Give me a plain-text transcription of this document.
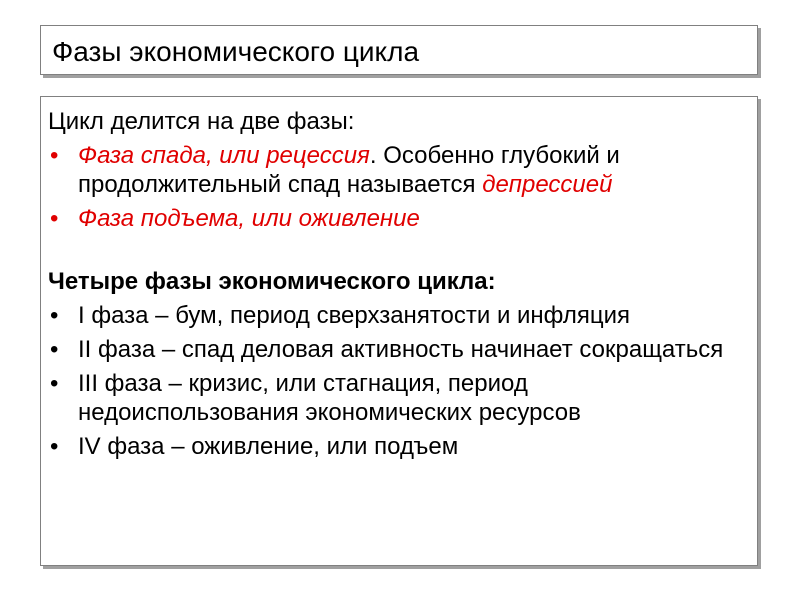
Фазы экономического цикла

Цикл делится на две фазы:

• Фаза спада, или рецессия. Особенно глубокий и продолжительный спад называется депрессией
• Фаза подъема, или оживление

Четыре фазы экономического цикла:

• I фаза – бум, период сверхзанятости и инфляция
• II фаза – спад деловая активность начинает сокращаться
• III фаза – кризис, или стагнация, период недоиспользования экономических ресурсов
• IV фаза – оживление, или подъем
